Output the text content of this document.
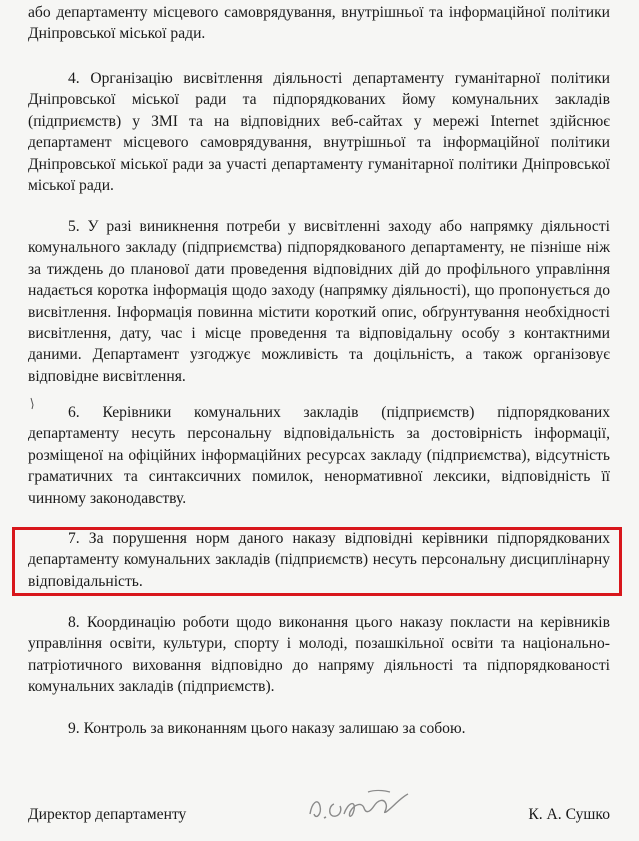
або департаменту місцевого самоврядування, внутрішньої та інформаційної політики Дніпровської міської ради.

4. Організацію висвітлення діяльності департаменту гуманітарної політики Дніпровської міської ради та підпорядкованих йому комунальних закладів (підприємств) у ЗМІ та на відповідних веб-сайтах у мережі Internet здійснює департамент місцевого самоврядування, внутрішньої та інформаційної політики Дніпровської міської ради за участі департаменту гуманітарної політики Дніпровської міської ради.

5. У разі виникнення потреби у висвітленні заходу або напрямку діяльності комунального закладу (підприємства) підпорядкованого департаменту, не пізніше ніж за тиждень до планової дати проведення відповідних дій до профільного управління надається коротка інформація щодо заходу (напрямку діяльності), що пропонується до висвітлення. Інформація повинна містити короткий опис, обґрунтування необхідності висвітлення, дату, час і місце проведення та відповідальну особу з контактними даними. Департамент узгоджує можливість та доцільність, а також організовує відповідне висвітлення.

6. Керівники комунальних закладів (підприємств) підпорядкованих департаменту несуть персональну відповідальність за достовірність інформації, розміщеної на офіційних інформаційних ресурсах закладу (підприємства), відсутність граматичних та синтаксичних помилок, ненормативної лексики, відповідність її чинному законодавству.

7. За порушення норм даного наказу відповідні керівники підпорядкованих департаменту комунальних закладів (підприємств) несуть персональну дисциплінарну відповідальність.

8. Координацію роботи щодо виконання цього наказу покласти на керівників управління освіти, культури, спорту і молоді, позашкільної освіти та національно-патріотичного виховання відповідно до напряму діяльності та підпорядкованості комунальних закладів (підприємств).

9. Контроль за виконанням цього наказу залишаю за собою.

Директор департаменту	К. А. Сушко
